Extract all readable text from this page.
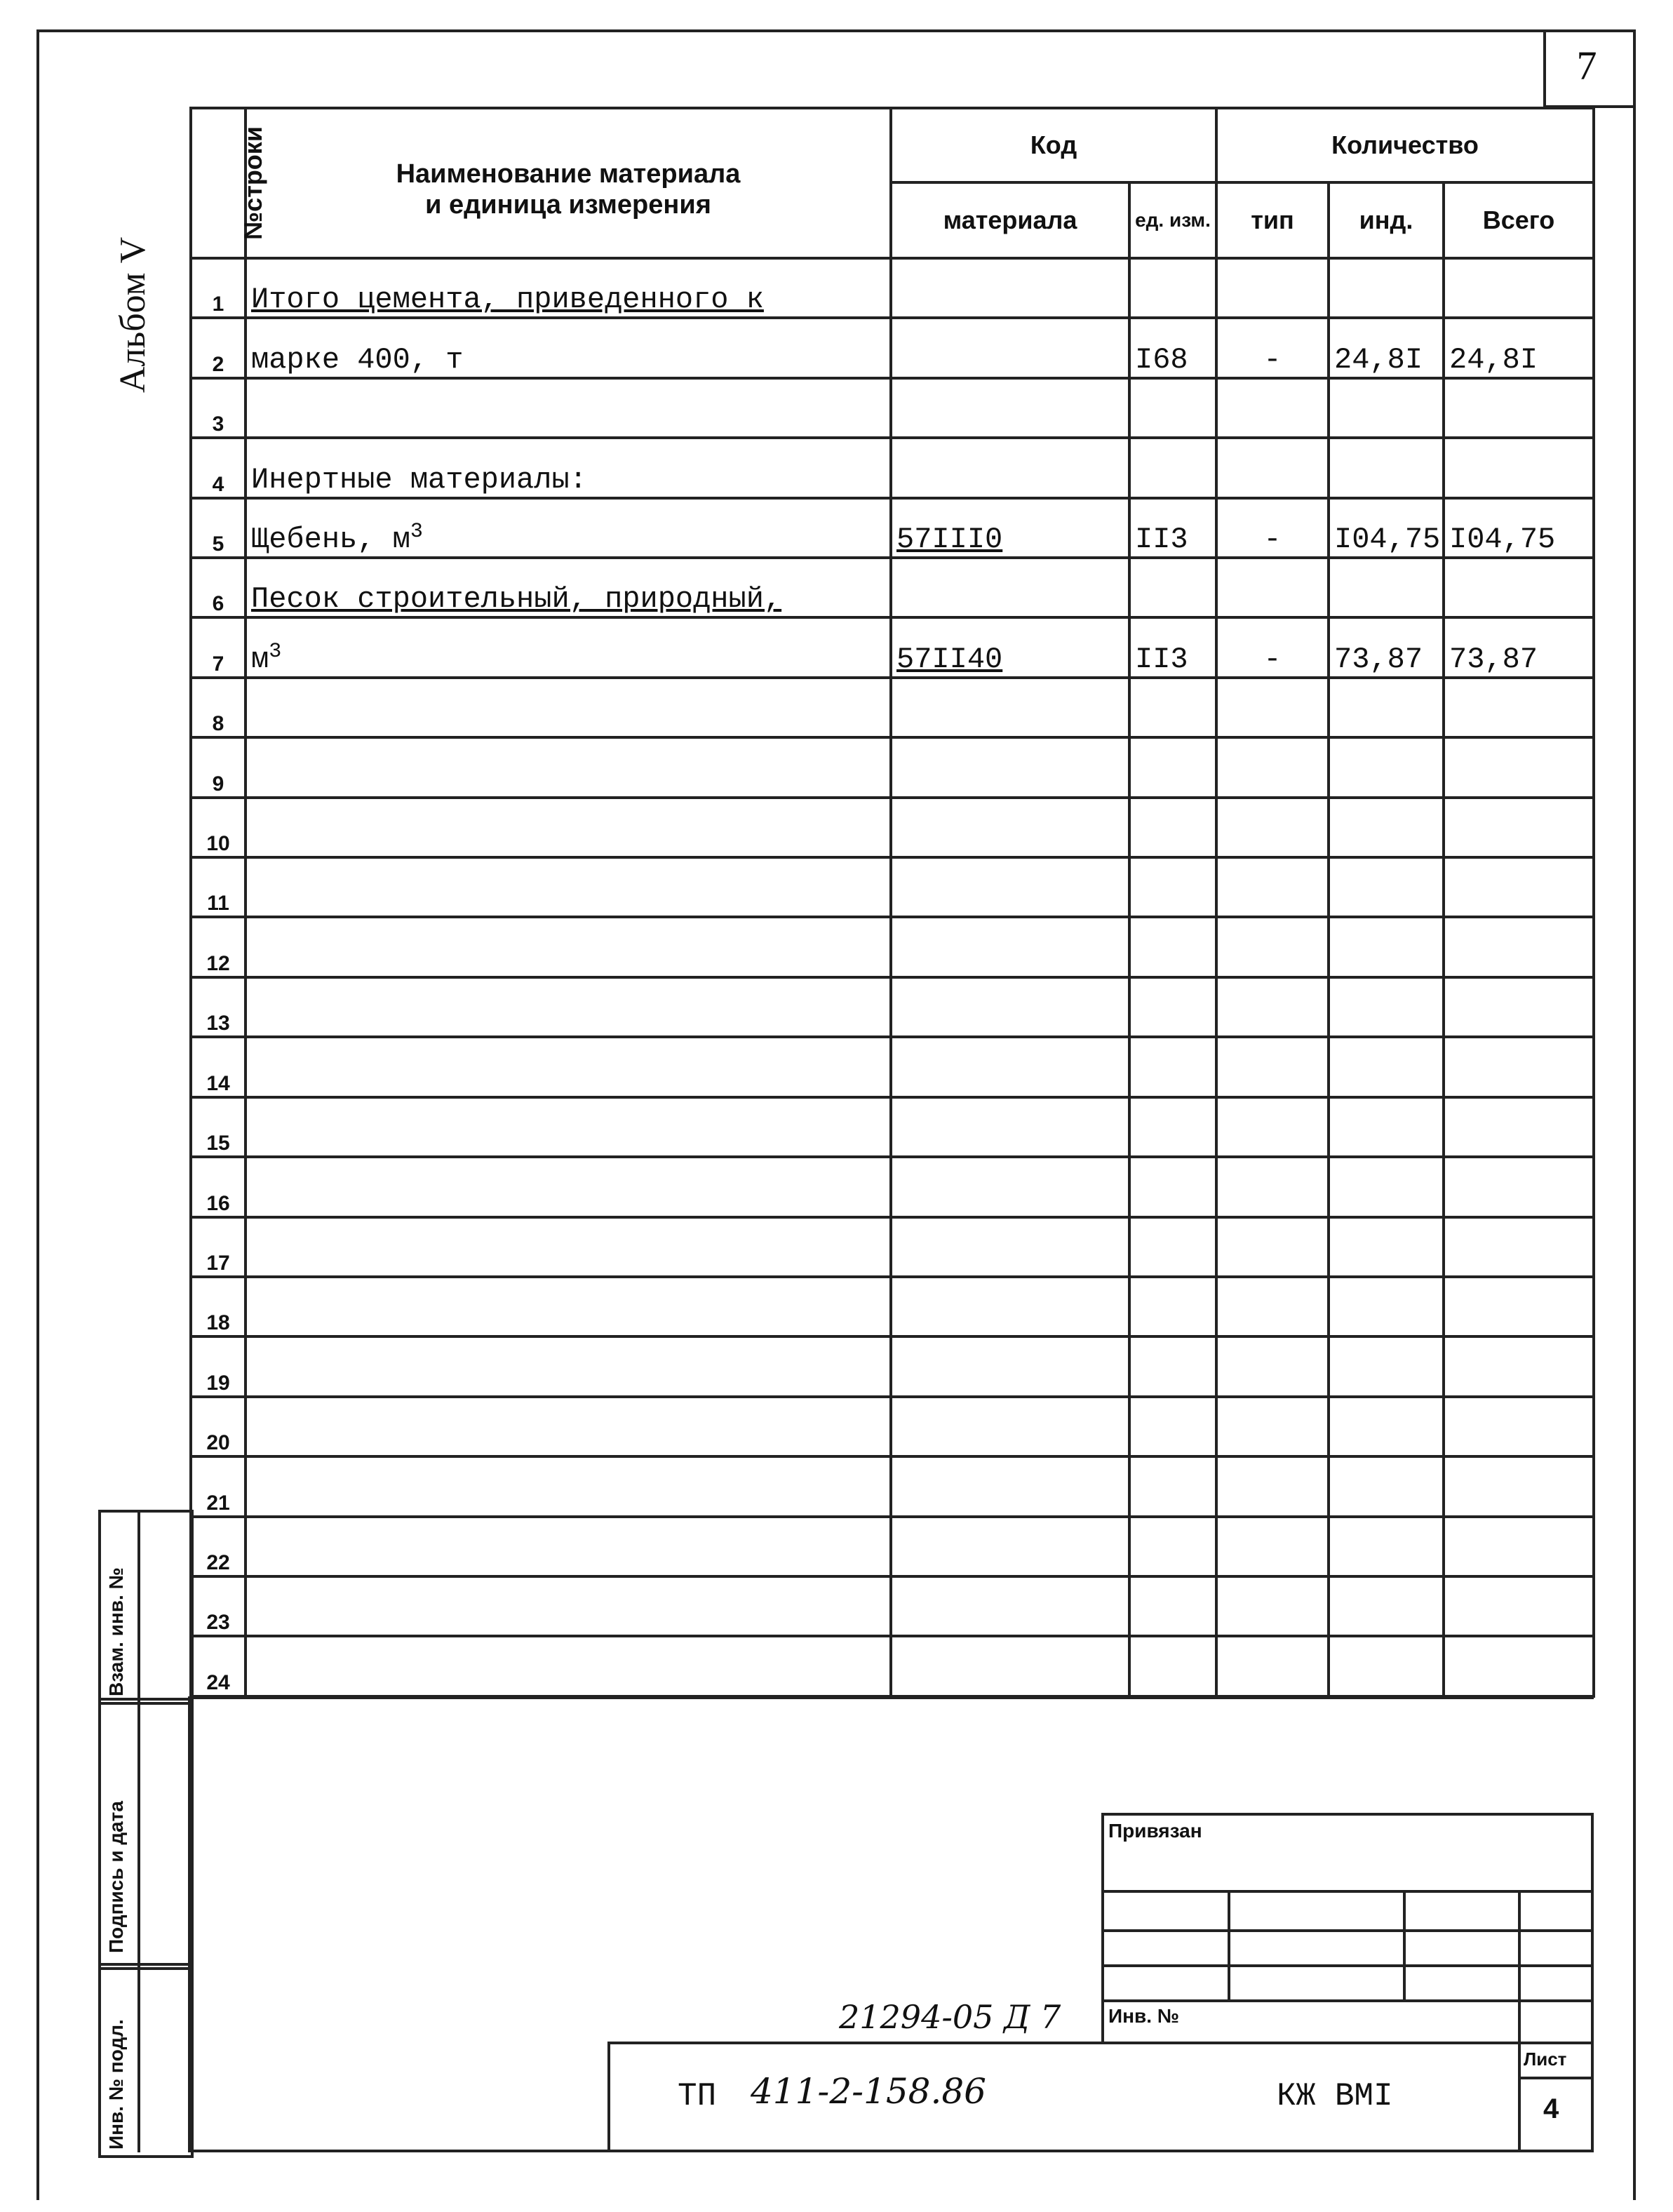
7
Альбом V
№строки	Наименование материала
и единица измерения	Код		Количество		
		материала	ед. изм.	тип	инд.	Всего
1	Итого цемента, приведенного к					
2	марке 400, т		I68	-	24,8I	24,8I
3						
4	Инертные материалы:					
5	Щебень, $м^3$	57III0	II3	-	I04,75	I04,75
6	Песок строительный, природный,					
7	$м^3$	57II40	II3	-	73,87	73,87
8						
9						
10						
11						
12						
13						
14						
15						
16						
17						
18						
19						
20						
21						
22						
23						
24						
Взам. инв. №
Подпись и дата
Инв. № подл.
Привязан
Инв. №
Лист
4
21294-05 Д 7
ТП 411-2-158.86	КЖ ВМI
